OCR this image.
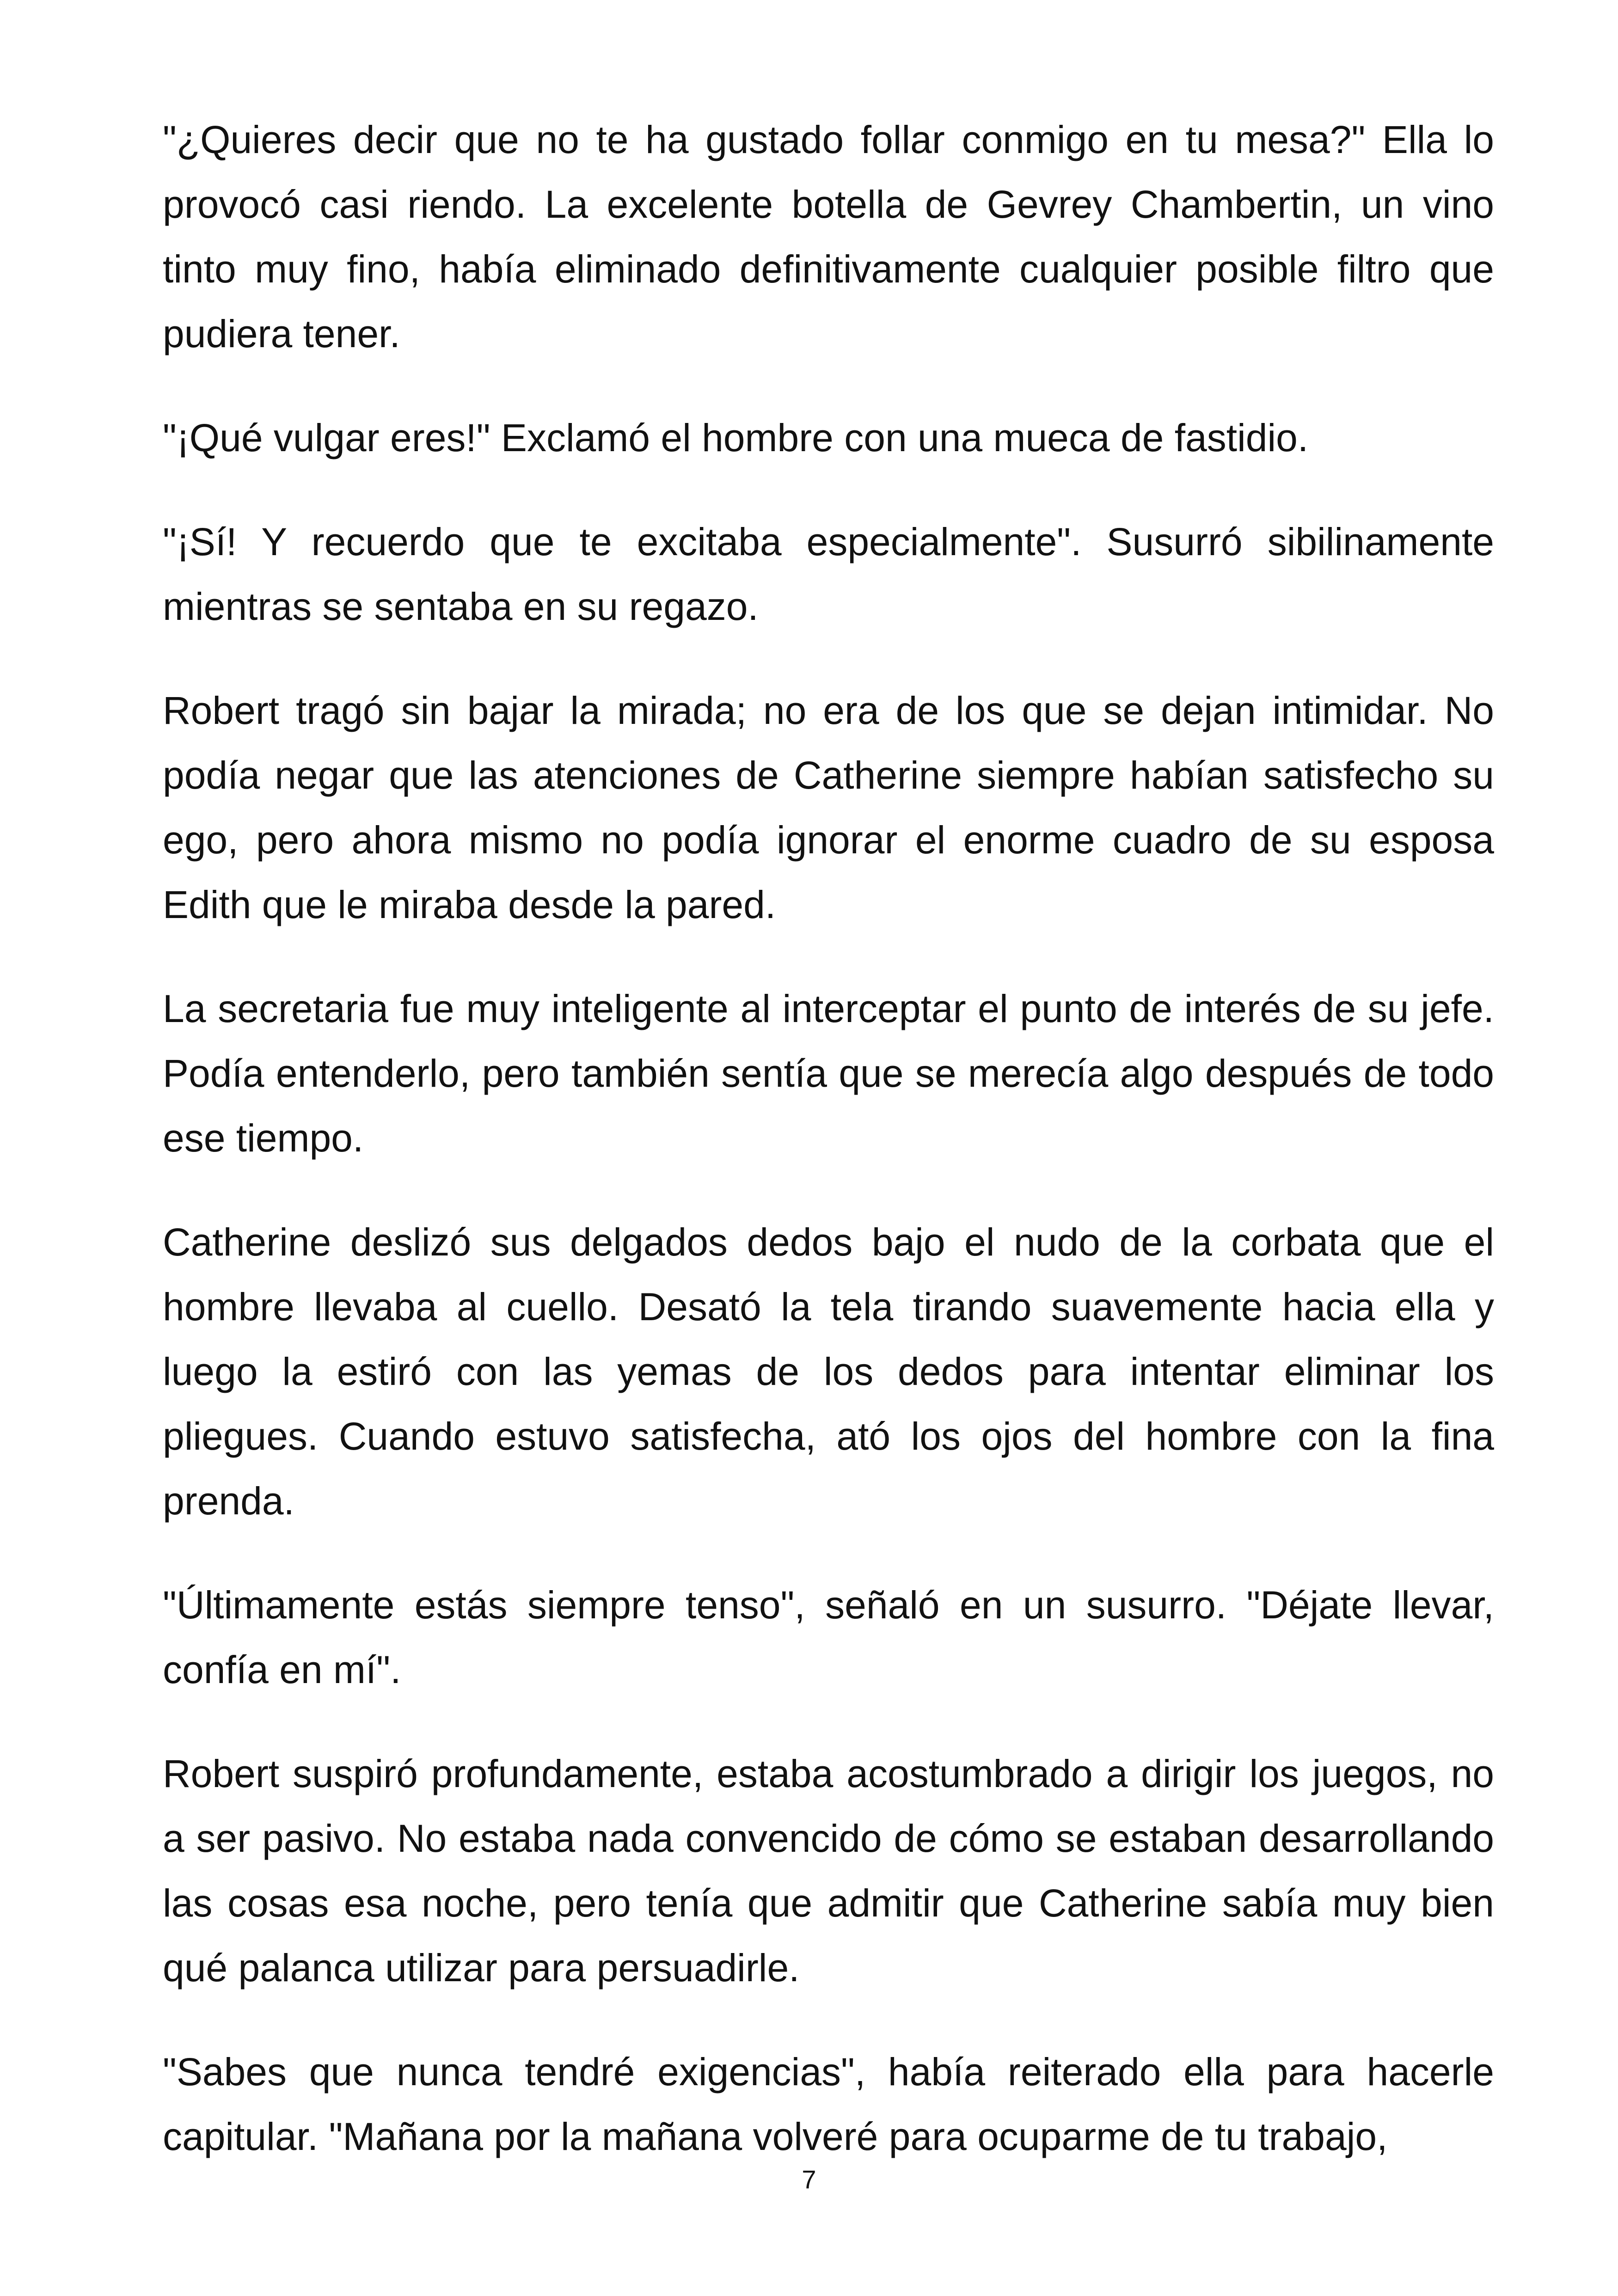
"¿Quieres decir que no te ha gustado follar conmigo en tu mesa?" Ella lo provocó casi riendo. La excelente botella de Gevrey Chambertin, un vino tinto muy fino, había eliminado definitivamente cualquier posible filtro que pudiera tener.

"¡Qué vulgar eres!" Exclamó el hombre con una mueca de fastidio.

"¡Sí! Y recuerdo que te excitaba especialmente". Susurró sibilinamente mientras se sentaba en su regazo.

Robert tragó sin bajar la mirada; no era de los que se dejan intimidar. No podía negar que las atenciones de Catherine siempre habían satisfecho su ego, pero ahora mismo no podía ignorar el enorme cuadro de su esposa Edith que le miraba desde la pared.

La secretaria fue muy inteligente al interceptar el punto de interés de su jefe. Podía entenderlo, pero también sentía que se merecía algo después de todo ese tiempo.

Catherine deslizó sus delgados dedos bajo el nudo de la corbata que el hombre llevaba al cuello. Desató la tela tirando suavemente hacia ella y luego la estiró con las yemas de los dedos para intentar eliminar los pliegues. Cuando estuvo satisfecha, ató los ojos del hombre con la fina prenda.

"Últimamente estás siempre tenso", señaló en un susurro. "Déjate llevar, confía en mí".

Robert suspiró profundamente, estaba acostumbrado a dirigir los juegos, no a ser pasivo. No estaba nada convencido de cómo se estaban desarrollando las cosas esa noche, pero tenía que admitir que Catherine sabía muy bien qué palanca utilizar para persuadirle.

"Sabes que nunca tendré exigencias", había reiterado ella para hacerle capitular. "Mañana por la mañana volveré para ocuparme de tu trabajo,

7
